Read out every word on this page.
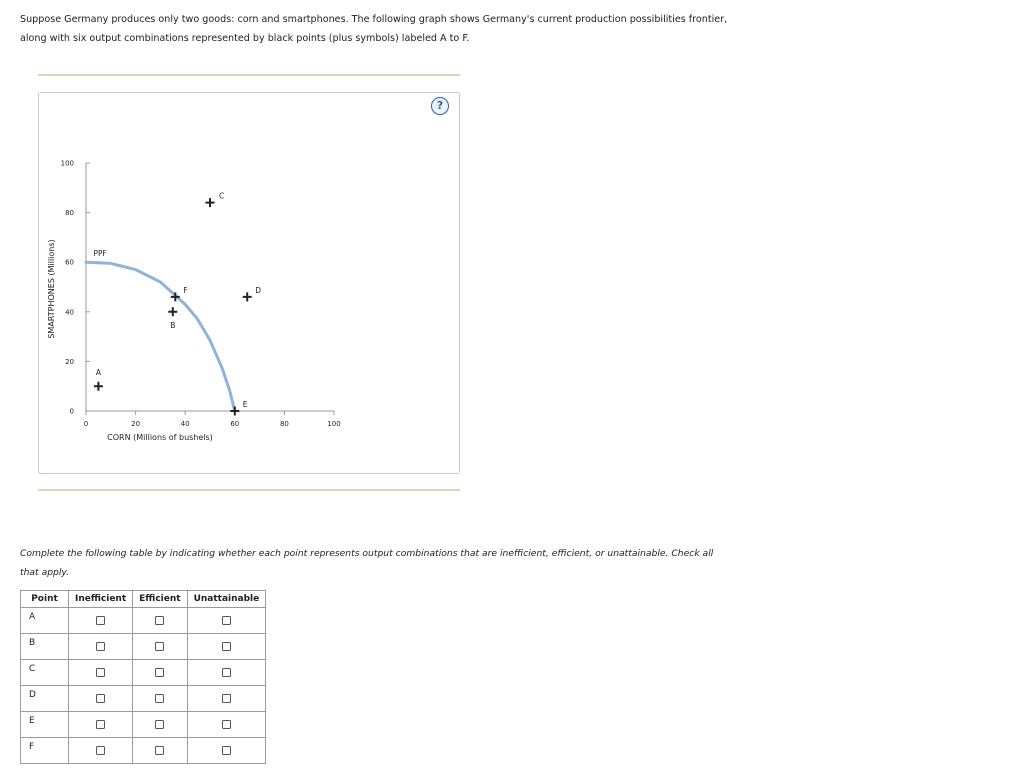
Suppose Germany produces only two goods: corn and smartphones. The following graph shows Germany's current production possibilities frontier,
along with six output combinations represented by black points (plus symbols) labeled A to F.
?
0	20	40	60	80	100
0
20
40
60
80
100
CORN (Millions of bushels)
SMARTPHONES (Millions)	PPF
A
B
C
D
E
F
Complete the following table by indicating whether each point represents output combinations that are inefficient, efficient, or unattainable. Check all
that apply.
Point	Inefficient	Efficient	Unattainable
A			
B			
C			
D			
E			
F			
